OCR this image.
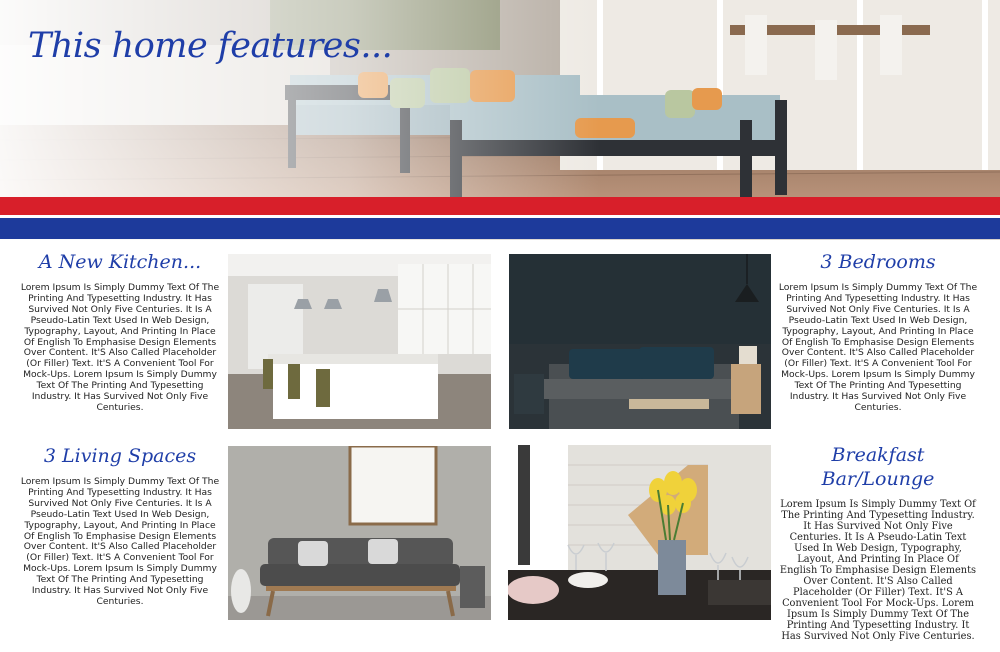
This home features...
A New Kitchen...
Lorem Ipsum Is Simply Dummy Text Of The Printing And Typesetting Industry. It Has Survived Not Only Five Centuries. It Is A Pseudo-Latin Text Used In Web Design, Typography, Layout, And Printing In Place Of English To Emphasise Design Elements Over Content. It'S Also Called Placeholder (Or Filler) Text. It'S A Convenient Tool For Mock-Ups. Lorem Ipsum Is Simply Dummy Text Of The Printing And Typesetting Industry. It Has Survived Not Only Five Centuries.
3 Bedrooms
Lorem Ipsum Is Simply Dummy Text Of The Printing And Typesetting Industry. It Has Survived Not Only Five Centuries. It Is A Pseudo-Latin Text Used In Web Design, Typography, Layout, And Printing In Place Of English To Emphasise Design Elements Over Content. It'S Also Called Placeholder (Or Filler) Text. It'S A Convenient Tool For Mock-Ups. Lorem Ipsum Is Simply Dummy Text Of The Printing And Typesetting Industry. It Has Survived Not Only Five Centuries.
3 Living Spaces
Lorem Ipsum Is Simply Dummy Text Of The Printing And Typesetting Industry. It Has Survived Not Only Five Centuries. It Is A Pseudo-Latin Text Used In Web Design, Typography, Layout, And Printing In Place Of English To Emphasise Design Elements Over Content. It'S Also Called Placeholder (Or Filler) Text. It'S A Convenient Tool For Mock-Ups. Lorem Ipsum Is Simply Dummy Text Of The Printing And Typesetting Industry. It Has Survived Not Only Five Centuries.
Breakfast Bar/Lounge
Lorem Ipsum Is Simply Dummy Text Of The Printing And Typesetting Industry. It Has Survived Not Only Five Centuries. It Is A Pseudo-Latin Text Used In Web Design, Typography, Layout, And Printing In Place Of English To Emphasise Design Elements Over Content. It'S Also Called Placeholder (Or Filler) Text. It'S A Convenient Tool For Mock-Ups. Lorem Ipsum Is Simply Dummy Text Of The Printing And Typesetting Industry. It Has Survived Not Only Five Centuries.
